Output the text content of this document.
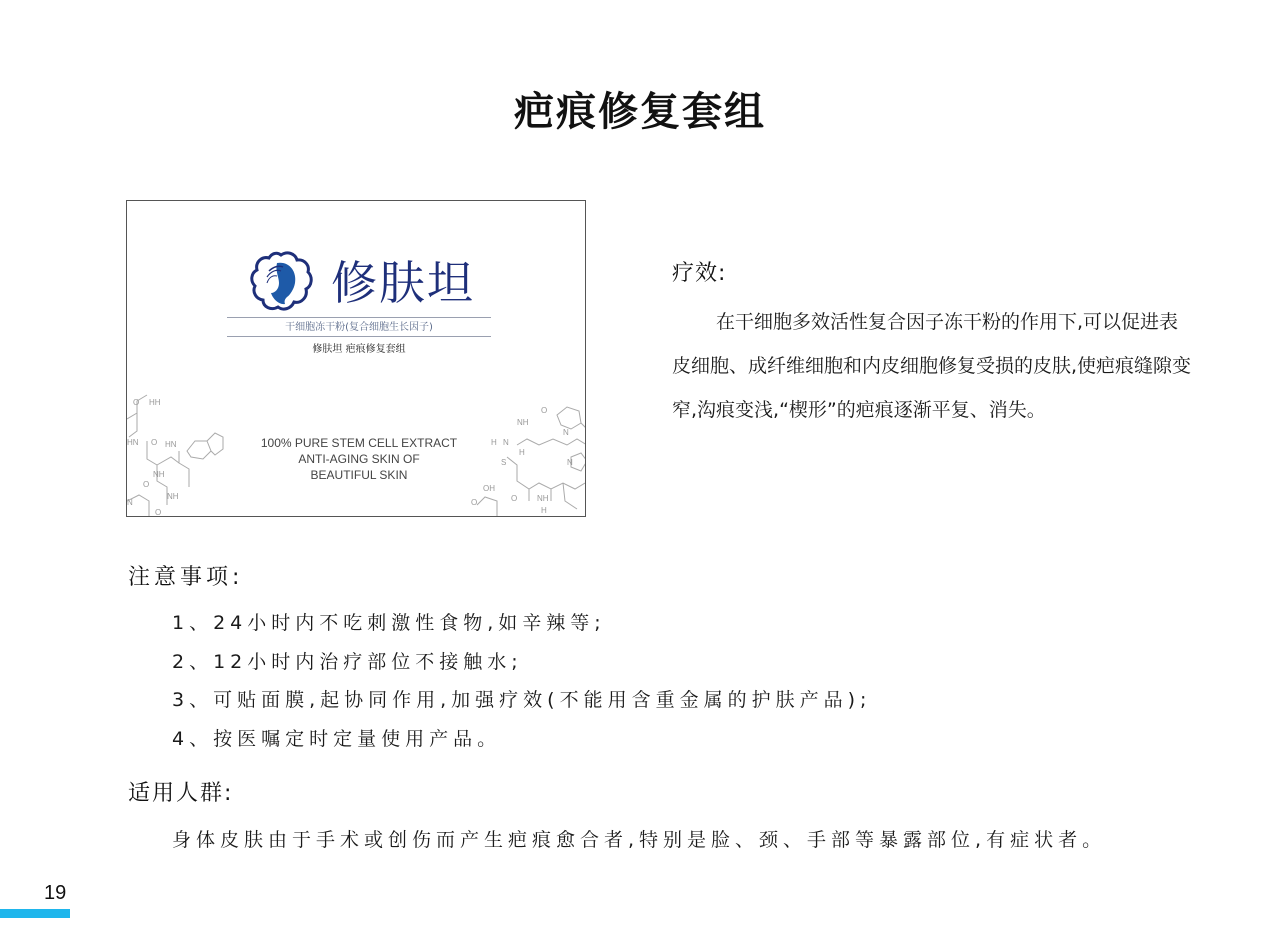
疤痕修复套组
修肤坦
干细胞冻干粉(复合细胞生长因子)
修肤坦 疤痕修复套组
100% PURE STEM CELL EXTRACT
ANTI-AGING SKIN OF
BEAUTIFUL SKIN
O HH
HN O HN
NH
O
NH
N
O
O
N
NH
H N
H
S	N
OH
O	O NH
H
疗效:

在干细胞多效活性复合因子冻干粉的作用下,可以促进表皮细胞、成纤维细胞和内皮细胞修复受损的皮肤,使疤痕缝隙变窄,沟痕变浅,“楔形”的疤痕逐渐平复、消失。

注意事项:
1、24小时内不吃刺激性食物,如辛辣等;
2、12小时内治疗部位不接触水;
3、可贴面膜,起协同作用,加强疗效(不能用含重金属的护肤产品);
4、按医嘱定时定量使用产品。
适用人群:

身体皮肤由于手术或创伤而产生疤痕愈合者,特别是脸、颈、手部等暴露部位,有症状者。

19
